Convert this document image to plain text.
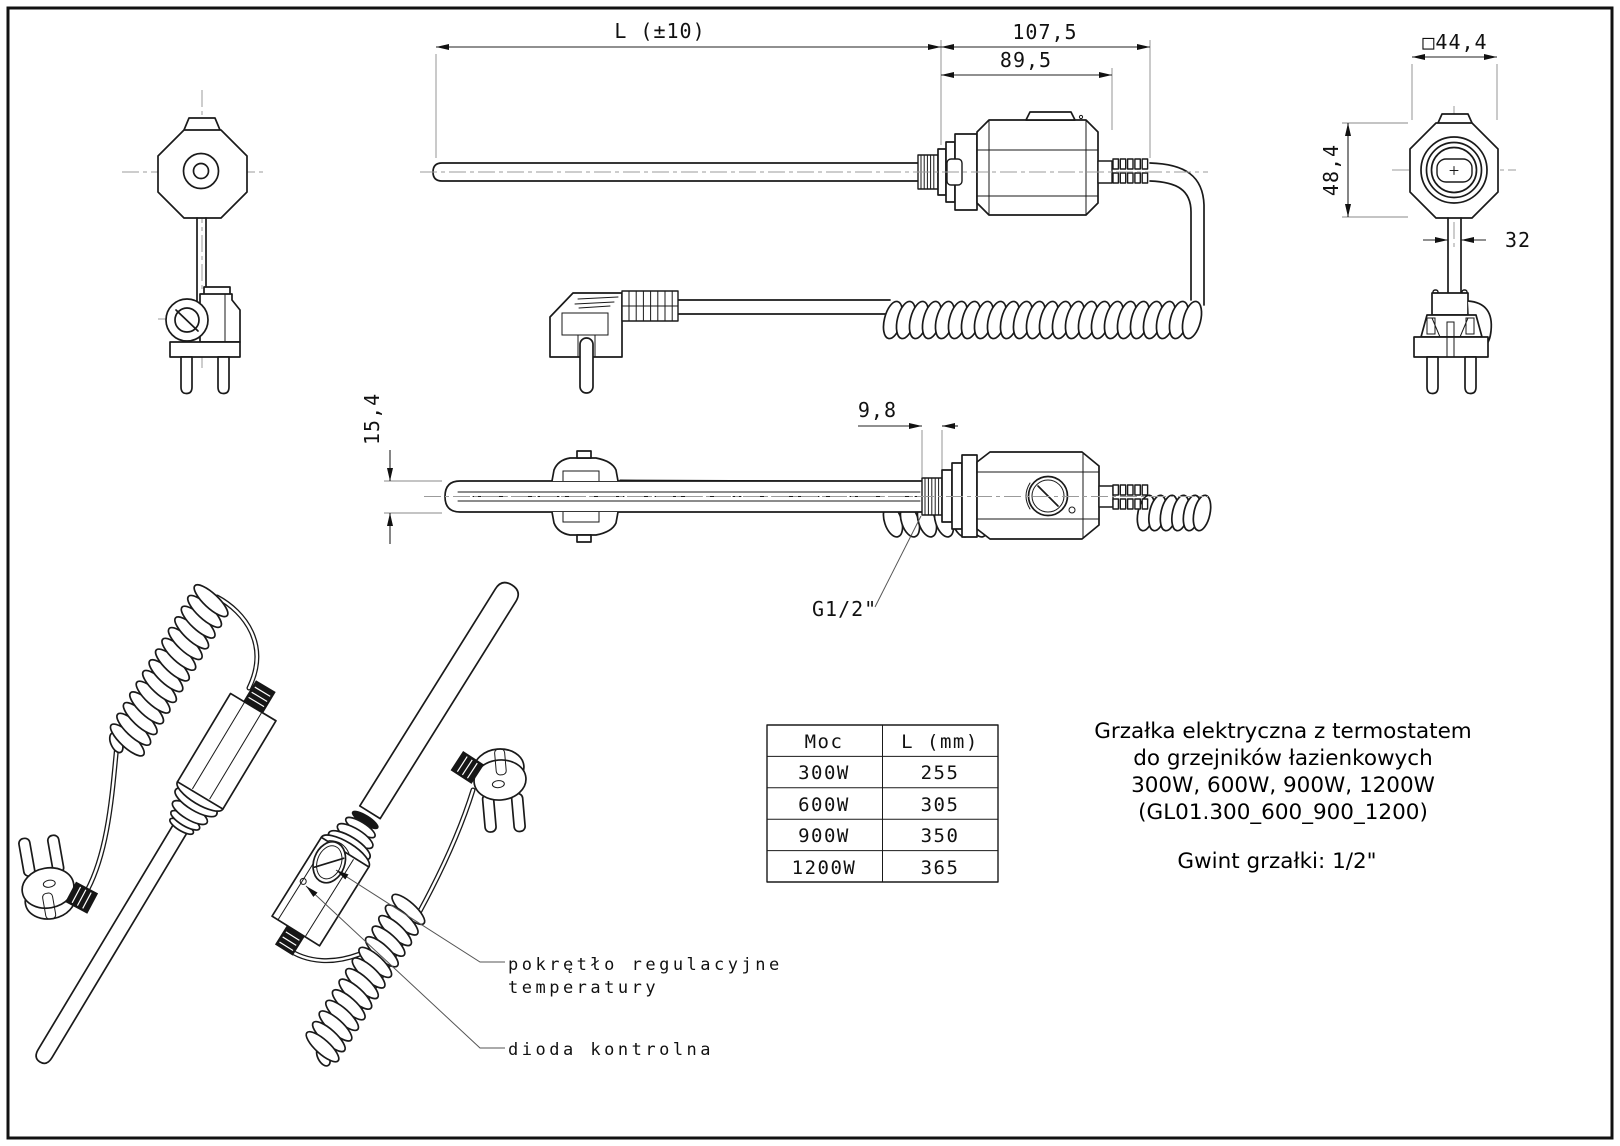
L (±10)	107,5
89,5
15,4	9,8
G1/2"
□44,4
48,4
32
pokrętło regulacyjne
temperatury
dioda kontrolna
Moc	L (mm)
300W	255
600W	305
900W	350
1200W	365
Grzałka elektryczna z termostatem
do grzejników łazienkowych
300W, 600W, 900W, 1200W
(GL01.300_600_900_1200)
Gwint grzałki: 1/2"
